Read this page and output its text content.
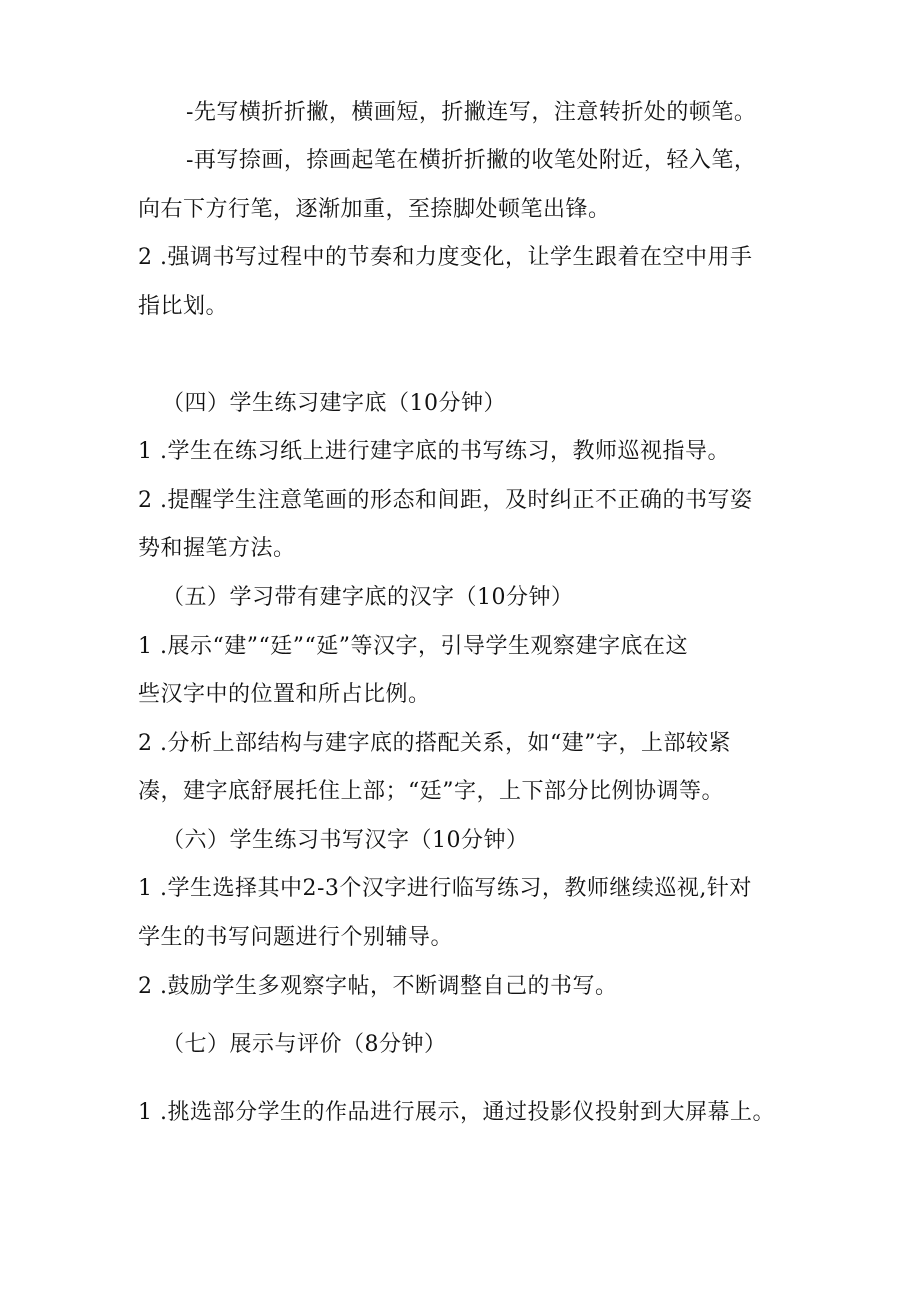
-先写横折折撇，横画短，折撇连写，注意转折处的顿笔。
-再写捺画，捺画起笔在横折折撇的收笔处附近，轻入笔，
向右下方行笔，逐渐加重，至捺脚处顿笔出锋。
2 .强调书写过程中的节奏和力度变化，让学生跟着在空中用手
指比划。
（四）学生练习建字底（10分钟）
1 .学生在练习纸上进行建字底的书写练习，教师巡视指导。
2 .提醒学生注意笔画的形态和间距，及时纠正不正确的书写姿
势和握笔方法。
（五）学习带有建字底的汉字（10分钟）
1 .展示“建”“廷”“延”等汉字，引导学生观察建字底在这
些汉字中的位置和所占比例。
2 .分析上部结构与建字底的搭配关系，如“建”字，上部较紧
凑，建字底舒展托住上部；“廷”字，上下部分比例协调等。
（六）学生练习书写汉字（10分钟）
1 .学生选择其中2-3个汉字进行临写练习，教师继续巡视,针对
学生的书写问题进行个别辅导。
2 .鼓励学生多观察字帖，不断调整自己的书写。
（七）展示与评价（8分钟）
1 .挑选部分学生的作品进行展示，通过投影仪投射到大屏幕上。
